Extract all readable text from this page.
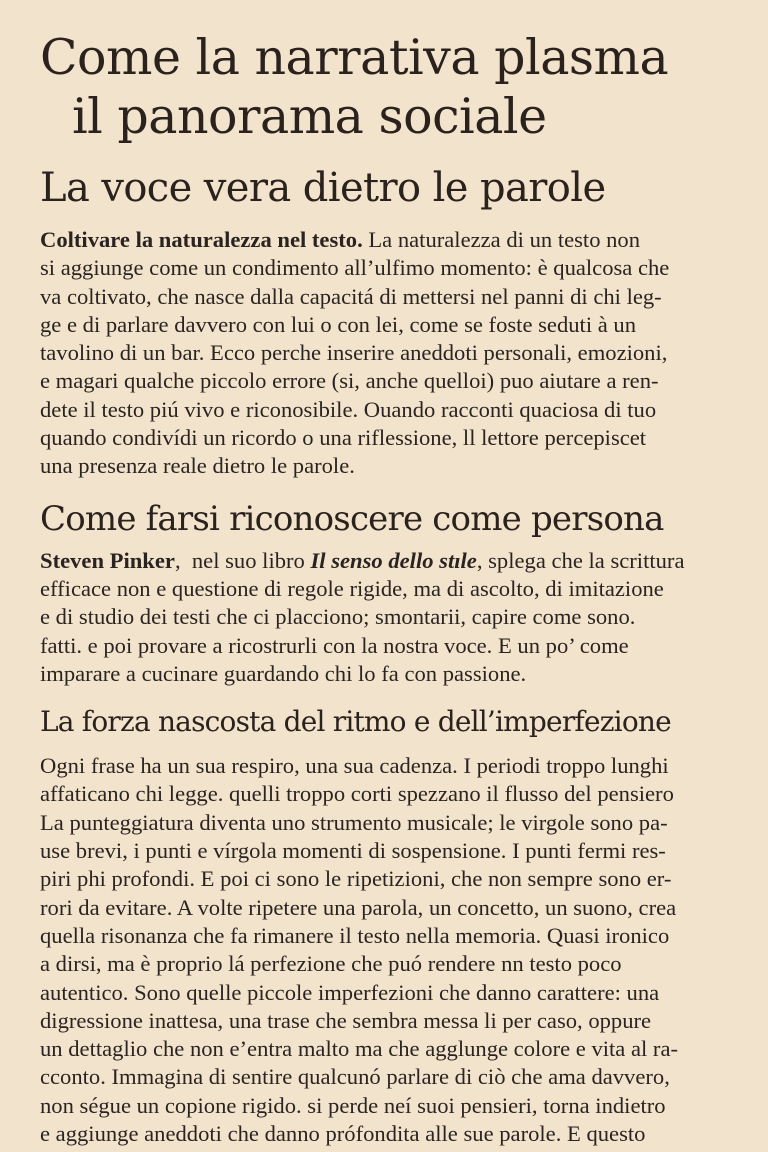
Come la narrativa plasma
il panorama sociale
La voce vera dietro le parole

Coltivare la naturalezza nel testo. La naturalezza di un testo non
si aggiunge come un condimento all’ulfimo momento: è qualcosa che
va coltivato, che nasce dalla capacitá di mettersi nel panni di chi leg-
ge e di parlare davvero con lui o con lei, come se foste seduti à un
tavolino di un bar. Ecco perche inserire aneddoti personali, emozioni,
e magari qualche piccolo errore (si, anche quelloi) puo aiutare a ren-
dete il testo piú vivo e riconosibile. Ouando racconti quaciosa di tuo
quando condivídi un ricordo o una riflessione, ll lettore percepiscet
una presenza reale dietro le parole.

Come farsi riconoscere come persona

Steven Pinker,  nel suo libro Il senso dello stıle, splega che la scrittura
efficace non e questione di regole rigide, ma di ascolto, di imitazione
e di studio dei testi che ci placciono; smontarii, capire come sono.
fatti. e poi provare a ricostrurli con la nostra voce. E un po’ come
imparare a cucinare guardando chi lo fa con passione.

La forza nascosta del ritmo e dell’imperfezione

Ogni frase ha un sua respiro, una sua cadenza. I periodi troppo lunghi
affaticano chi legge. quelli troppo corti spezzano il flusso del pensiero
La punteggiatura diventa uno strumento musicale; le virgole sono pa-
use brevi, i punti e vírgola momenti di sospensione. I punti fermi res-
piri phi profondi. E poi ci sono le ripetizioni, che non sempre sono er-
rori da evitare. A volte ripetere una parola, un concetto, un suono, crea
quella risonanza che fa rimanere il testo nella memoria. Quasi ironico
a dirsi, ma è proprio lá perfezione che puó rendere nn testo poco
autentico. Sono quelle piccole imperfezioni che danno carattere: una
digressione inattesa, una trase che sembra messa li per caso, oppure
un dettaglio che non e’entra malto ma che agglunge colore e vita al ra-
cconto. Immagina di sentire qualcunó parlare di ciò che ama davvero,
non ségue un copione rigido. si perde neí suoi pensieri, torna indietro
e aggiunge aneddoti che danno prófondita alle sue parole. E questo
